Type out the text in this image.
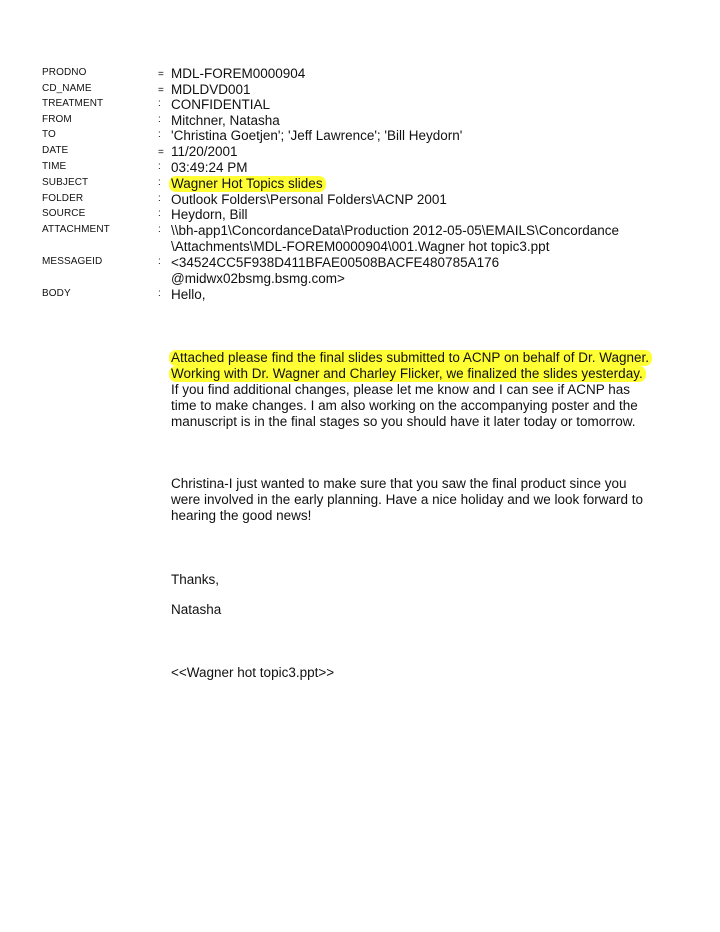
PRODNO
CD_NAME
TREATMENT
FROM
TO
DATE
TIME
SUBJECT
FOLDER
SOURCE
ATTACHMENT
MESSAGEID
BODY
=
=
:
:
:
=
:
:
:
:
:
:
:
MDL-FOREM0000904
MDLDVD001
CONFIDENTIAL
Mitchner, Natasha
'Christina Goetjen'; 'Jeff Lawrence'; 'Bill Heydorn'
11/20/2001
03:49:24 PM
Wagner Hot Topics slides
Outlook Folders\Personal Folders\ACNP 2001
Heydorn, Bill
\\bh-app1\ConcordanceData\Production 2012-05-05\EMAILS\Concordance
\Attachments\MDL-FOREM0000904\001.Wagner hot topic3.ppt
<34524CC5F938D411BFAE00508BACFE480785A176
@midwx02bsmg.bsmg.com>
Hello,
Attached please find the final slides submitted to ACNP on behalf of Dr. Wagner.
Working with Dr. Wagner and Charley Flicker, we finalized the slides yesterday.
If you find additional changes, please let me know and I can see if ACNP has
time to make changes. I am also working on the accompanying poster and the
manuscript is in the final stages so you should have it later today or tomorrow.
Christina-I just wanted to make sure that you saw the final product since you
were involved in the early planning. Have a nice holiday and we look forward to
hearing the good news!
Thanks,
Natasha
<<Wagner hot topic3.ppt>>
